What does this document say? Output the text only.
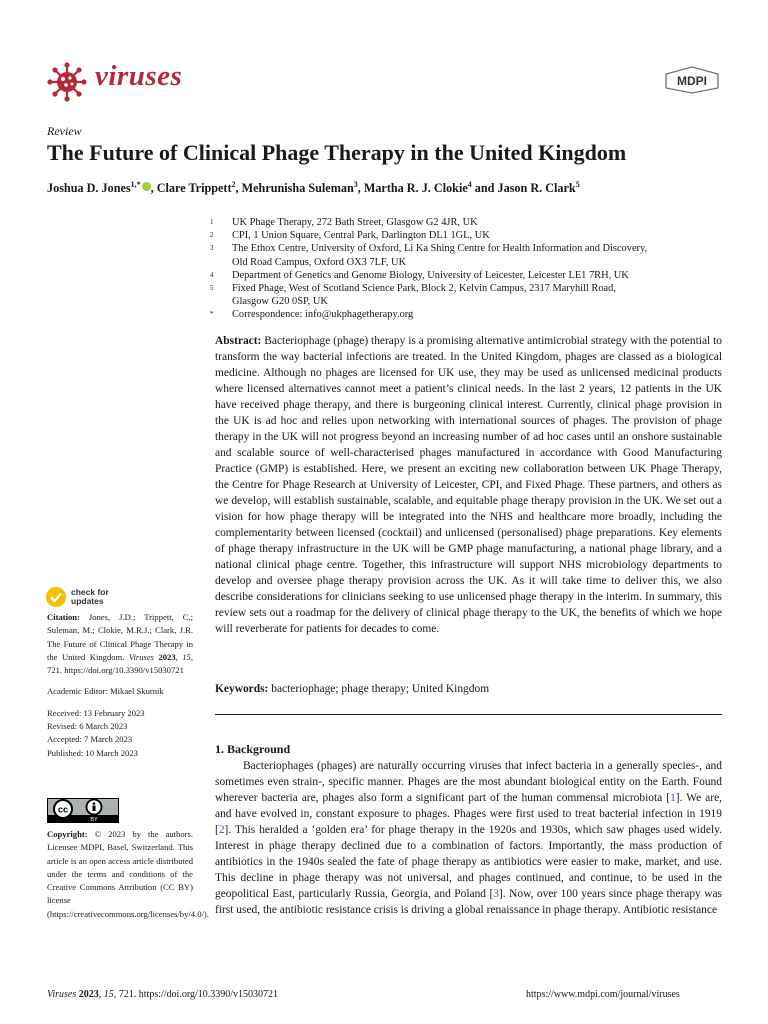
viruses	MDPI
Review
The Future of Clinical Phage Therapy in the United Kingdom
Joshua D. Jones$^{1,*}$ , Clare Trippett$^2$, Mehrunisha Suleman$^3$, Martha R. J. Clokie$^4$ and Jason R. Clark$^5$
1	UK Phage Therapy, 272 Bath Street, Glasgow G2 4JR, UK
2	CPI, 1 Union Square, Central Park, Darlington DL1 1GL, UK
3	The Ethox Centre, University of Oxford, Li Ka Shing Centre for Health Information and Discovery,
Old Road Campus, Oxford OX3 7LF, UK
4	Department of Genetics and Genome Biology, University of Leicester, Leicester LE1 7RH, UK
5	Fixed Phage, West of Scotland Science Park, Block 2, Kelvin Campus, 2317 Maryhill Road,
Glasgow G20 0SP, UK
*	Correspondence: info@ukphagetherapy.org
Abstract: Bacteriophage (phage) therapy is a promising alternative antimicrobial strategy with the potential to transform the way bacterial infections are treated. In the United Kingdom, phages are classed as a biological medicine. Although no phages are licensed for UK use, they may be used as unlicensed medicinal products where licensed alternatives cannot meet a patient’s clinical needs. In the last 2 years, 12 patients in the UK have received phage therapy, and there is burgeoning clinical interest. Currently, clinical phage provision in the UK is ad hoc and relies upon networking with international sources of phages. The provision of phage therapy in the UK will not progress beyond an increasing number of ad hoc cases until an onshore sustainable and scalable source of well-characterised phages manufactured in accordance with Good Manufacturing Practice (GMP) is established. Here, we present an exciting new collaboration between UK Phage Therapy, the Centre for Phage Research at University of Leicester, CPI, and Fixed Phage. These partners, and others as we develop, will establish sustainable, scalable, and equitable phage therapy provision in the UK. We set out a vision for how phage therapy will be integrated into the NHS and healthcare more broadly, including the complementarity between licensed (cocktail) and unlicensed (personalised) phage preparations. Key elements of phage therapy infrastructure in the UK will be GMP phage manufacturing, a national phage library, and a national clinical phage centre. Together, this infrastructure will support NHS microbiology departments to develop and oversee phage therapy provision across the UK. As it will take time to deliver this, we also describe considerations for clinicians seeking to use unlicensed phage therapy in the interim. In summary, this review sets out a roadmap for the delivery of clinical phage therapy to the UK, the benefits of which we hope will reverberate for patients for decades to come.
Keywords: bacteriophage; phage therapy; United Kingdom
1. Background
Bacteriophages (phages) are naturally occurring viruses that infect bacteria in a generally species-, and sometimes even strain-, specific manner. Phages are the most abundant biological entity on the Earth. Found wherever bacteria are, phages also form a significant part of the human commensal microbiota [1]. We are, and have evolved in, constant exposure to phages. Phages were first used to treat bacterial infection in 1919 [2]. This heralded a ‘golden era’ for phage therapy in the 1920s and 1930s, which saw phages used widely. Interest in phage therapy declined due to a combination of factors. Importantly, the mass production of antibiotics in the 1940s sealed the fate of phage therapy as antibiotics were easier to make, market, and use. This decline in phage therapy was not universal, and phages continued, and continue, to be used in the geopolitical East, particularly Russia, Georgia, and Poland [3]. Now, over 100 years since phage therapy was first used, the antibiotic resistance crisis is driving a global renaissance in phage therapy. Antibiotic resistance
check for
updates

Citation: Jones, J.D.; Trippett, C.; Suleman, M.; Clokie, M.R.J.; Clark, J.R. The Future of Clinical Phage Therapy in the United Kingdom. Viruses 2023, 15, 721. https://doi.org/10.3390/v15030721

Academic Editor: Mikael Skurnik

Received: 13 February 2023

Revised: 6 March 2023

Accepted: 7 March 2023

Published: 10 March 2023

cc
BY
Copyright: © 2023 by the authors. Licensee MDPI, Basel, Switzerland. This article is an open access article distributed under the terms and conditions of the Creative Commons Attribution (CC BY) license (https://creativecommons.org/licenses/by/4.0/).
Viruses 2023, 15, 721. https://doi.org/10.3390/v15030721	https://www.mdpi.com/journal/viruses
